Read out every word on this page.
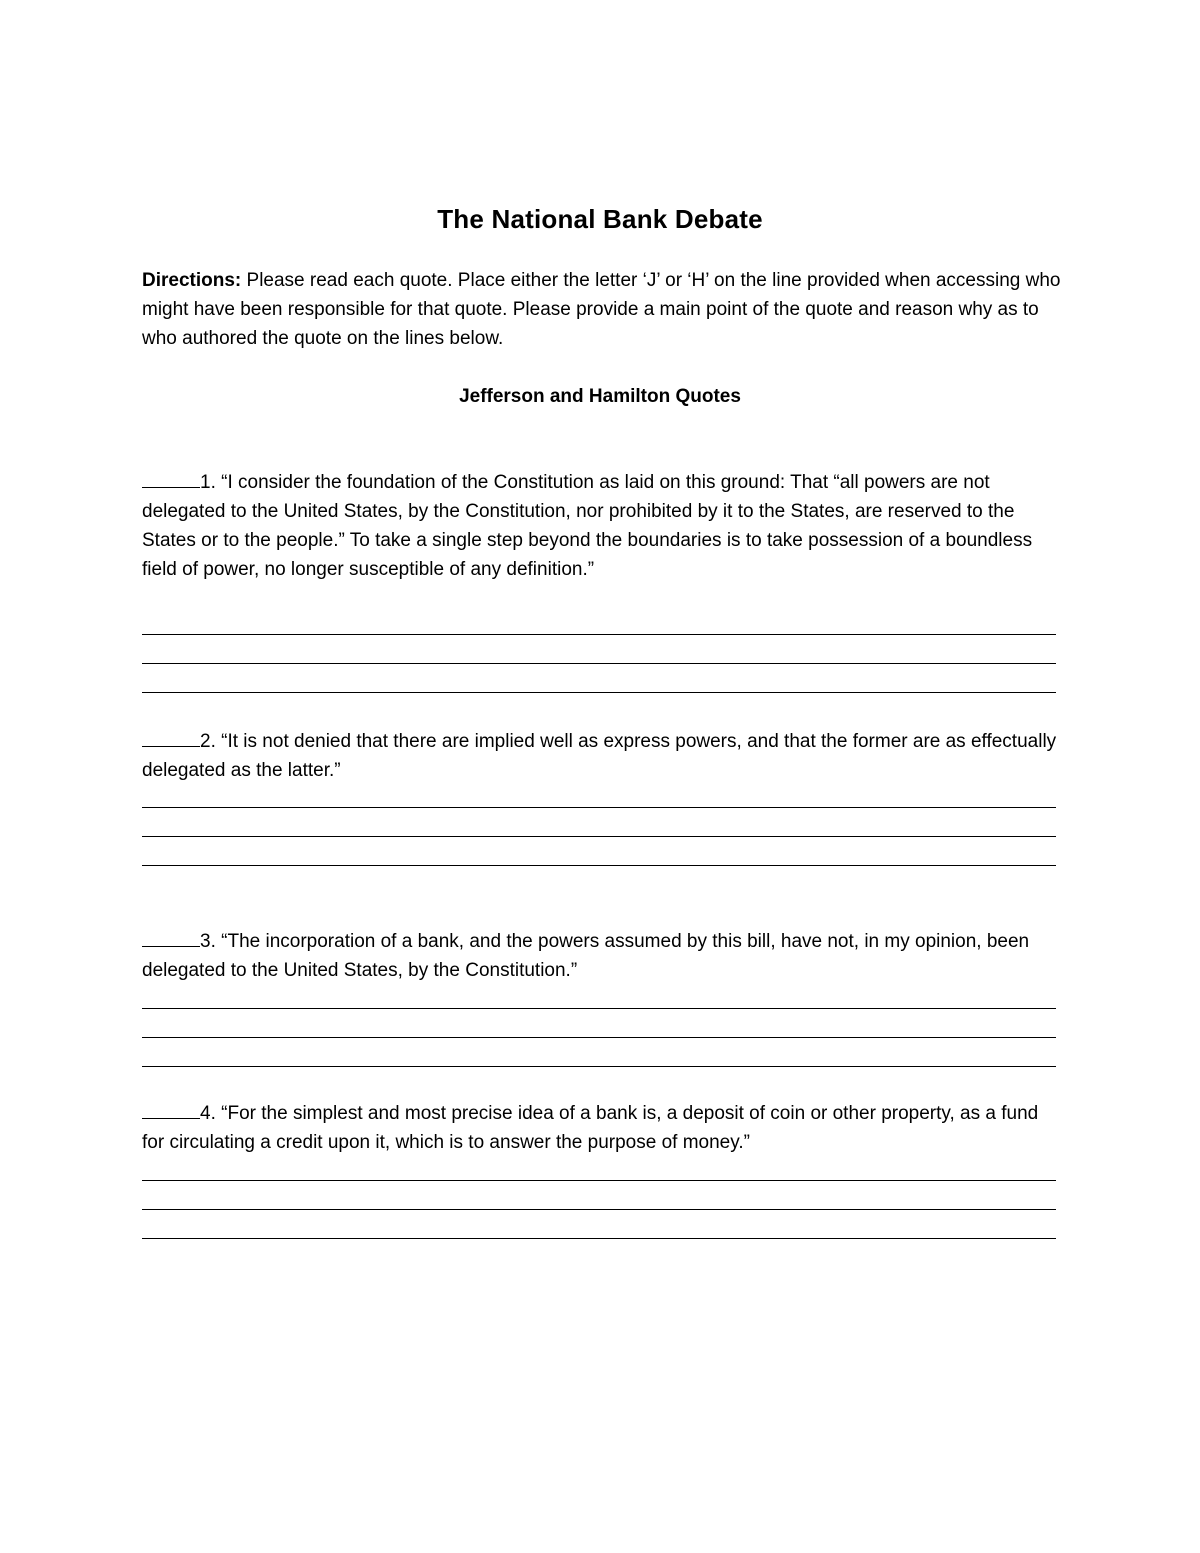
The National Bank Debate
Directions: Please read each quote. Place either the letter ‘J’ or ‘H’ on the line provided when accessing who might have been responsible for that quote. Please provide a main point of the quote and reason why as to who authored the quote on the lines below.
Jefferson and Hamilton Quotes
1. “I consider the foundation of the Constitution as laid on this ground: That “all powers are not delegated to the United States, by the Constitution, nor prohibited by it to the States, are reserved to the States or to the people.” To take a single step beyond the boundaries is to take possession of a boundless field of power, no longer susceptible of any definition.”
2. “It is not denied that there are implied well as express powers, and that the former are as effectually delegated as the latter.”
3. “The incorporation of a bank, and the powers assumed by this bill, have not, in my opinion, been delegated to the United States, by the Constitution.”
4. “For the simplest and most precise idea of a bank is, a deposit of coin or other property, as a fund for circulating a credit upon it, which is to answer the purpose of money.”
